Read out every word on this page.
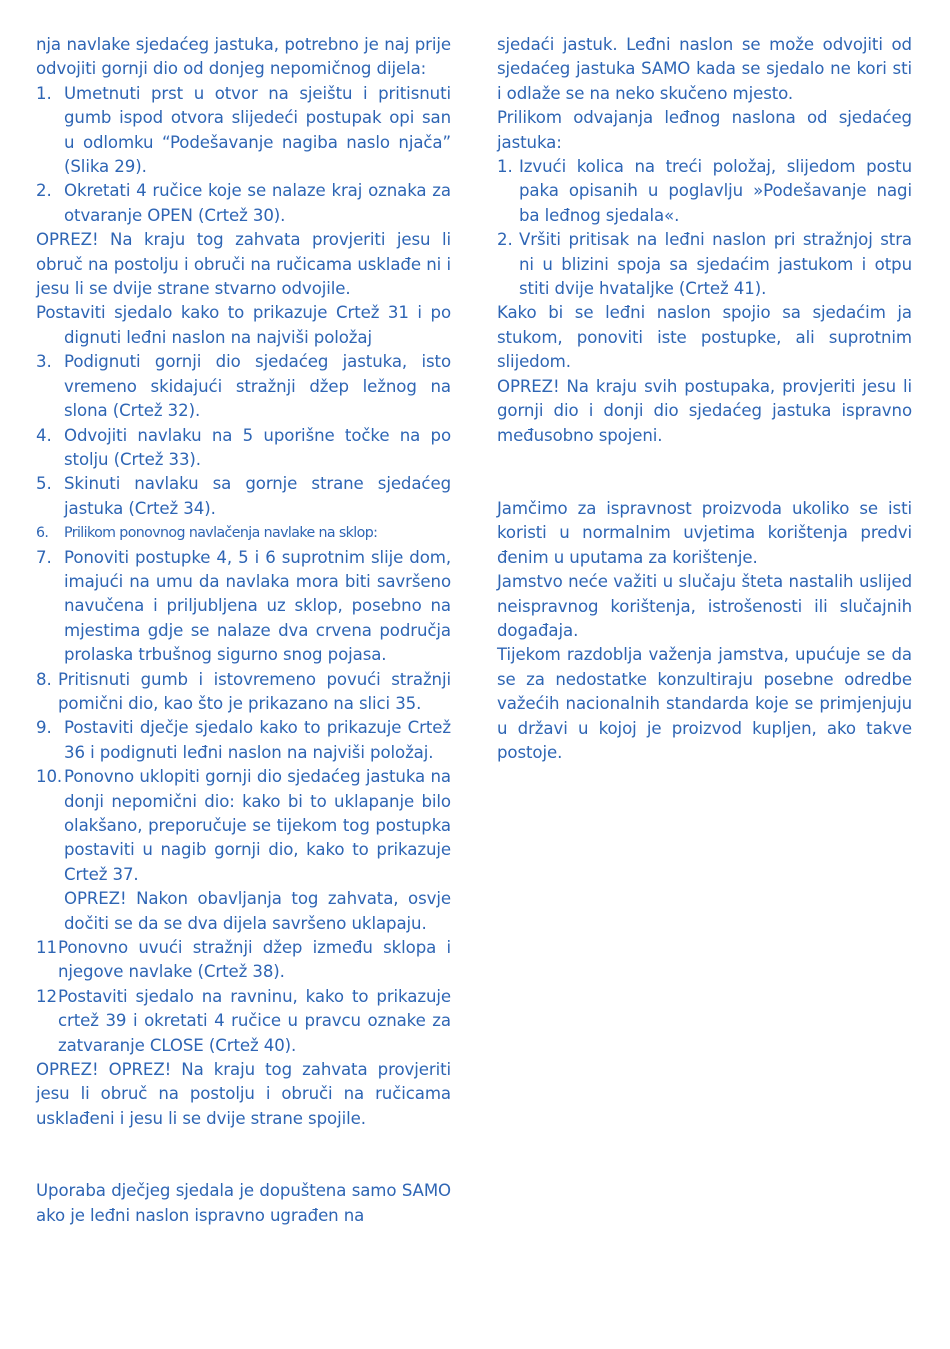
nja navlake sjedaćeg jastuka, potrebno je naj prije odvojiti gornji dio od donjeg nepomičnog dijela:

1. Umetnuti prst u otvor na sjeištu i pritisnuti gumb ispod otvora slijedeći postupak opi san u odlomku “Podešavanje nagiba naslo njača” (Slika 29).
2. Okretati 4 ručice koje se nalaze kraj oznaka za otvaranje OPEN (Crtež 30).

OPREZ! Na kraju tog zahvata provjeriti jesu li obruč na postolju i obruči na ručicama usklađe ni i jesu li se dvije strane stvarno odvojile.

Postaviti sjedalo kako to prikazuje Crtež 31 i po dignuti leđni naslon na najviši položaj

3. Podignuti gornji dio sjedaćeg jastuka, isto vremeno skidajući stražnji džep ležnog na slona (Crtež 32).
4. Odvojiti navlaku na 5 uporišne točke na po stolju (Crtež 33).
5. Skinuti navlaku sa gornje strane sjedaćeg jastuka (Crtež 34).
6.	Prilikom ponovnog navlačenja navlake na sklop:
7. Ponoviti postupke 4, 5 i 6 suprotnim slije dom, imajući na umu da navlaka mora biti savršeno navučena i priljubljena uz sklop, posebno na mjestima gdje se nalaze dva crvena područja prolaska trbušnog sigurno snog pojasa.
8. Pritisnuti gumb i istovremeno povući stražnji pomični dio, kao što je prikazano na slici 35.
9. Postaviti dječje sjedalo kako to prikazuje Crtež 36 i podignuti leđni naslon na najviši položaj.
10. Ponovno uklopiti gornji dio sjedaćeg jastuka na donji nepomični dio: kako bi to uklapanje bilo olakšano, preporučuje se tijekom tog postupka postaviti u nagib gornji dio, kako to prikazuje Crtež 37.
OPREZ! Nakon obavljanja tog zahvata, osvje dočiti se da se dva dijela savršeno uklapaju.
11 Ponovno uvući stražnji džep između sklopa i njegove navlake (Crtež 38).
12 Postaviti sjedalo na ravninu, kako to prikazuje crtež 39 i okretati 4 ručice u pravcu oznake za zatvaranje CLOSE (Crtež 40).

OPREZ! OPREZ! Na kraju tog zahvata provjeriti jesu li obruč na postolju i obruči na ručicama usklađeni i jesu li se dvije strane spojile.

Uporaba dječjeg sjedala je dopuštena samo SAMO ako je leđni naslon ispravno ugrađen na

sjedaći jastuk. Leđni naslon se može odvojiti od sjedaćeg jastuka SAMO kada se sjedalo ne kori sti i odlaže se na neko skučeno mjesto.

Prilikom odvajanja leđnog naslona od sjedaćeg jastuka:

1. Izvući kolica na treći položaj, slijedom postu paka opisanih u poglavlju »Podešavanje nagi ba leđnog sjedala«.
2. Vršiti pritisak na leđni naslon pri stražnjoj stra ni u blizini spoja sa sjedaćim jastukom i otpu stiti dvije hvataljke (Crtež 41).

Kako bi se leđni naslon spojio sa sjedaćim ja stukom, ponoviti iste postupke, ali suprotnim slijedom.

OPREZ! Na kraju svih postupaka, provjeriti jesu li gornji dio i donji dio sjedaćeg jastuka ispravno međusobno spojeni.

Jamčimo za ispravnost proizvoda ukoliko se isti koristi u normalnim uvjetima korištenja predvi đenim u uputama za korištenje.

Jamstvo neće važiti u slučaju šteta nastalih uslijed neispravnog korištenja, istrošenosti ili slučajnih događaja.

Tijekom razdoblja važenja jamstva, upućuje se da se za nedostatke konzultiraju posebne odredbe važećih nacionalnih standarda koje se primjenjuju u državi u kojoj je proizvod kupljen, ako takve postoje.
